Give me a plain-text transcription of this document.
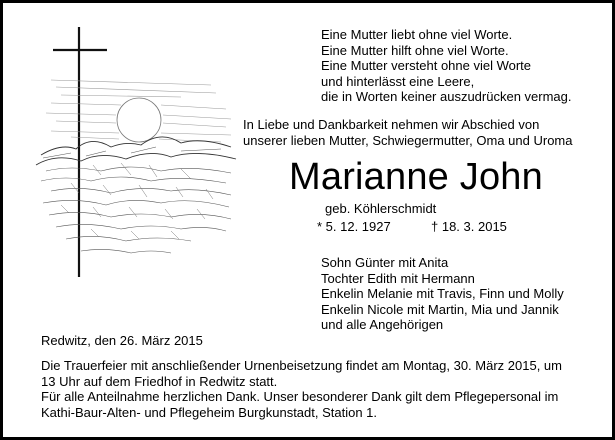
Eine Mutter liebt ohne viel Worte.
Eine Mutter hilft ohne viel Worte.
Eine Mutter versteht ohne viel Worte
und hinterlässt eine Leere,
die in Worten keiner auszudrücken vermag.
In Liebe und Dankbarkeit nehmen wir Abschied von
unserer lieben Mutter, Schwiegermutter, Oma und Uroma
Marianne John
geb. Köhlerschmidt
* 5. 12. 1927	† 18. 3. 2015
Sohn Günter mit Anita
Tochter Edith mit Hermann
Enkelin Melanie mit Travis, Finn und Molly
Enkelin Nicole mit Martin, Mia und Jannik
und alle Angehörigen
Redwitz, den 26. März 2015
Die Trauerfeier mit anschließender Urnenbeisetzung findet am Montag, 30. März 2015, um
13 Uhr auf dem Friedhof in Redwitz statt.
Für alle Anteilnahme herzlichen Dank. Unser besonderer Dank gilt dem Pflegepersonal im
Kathi-Baur-Alten- und Pflegeheim Burgkunstadt, Station 1.
